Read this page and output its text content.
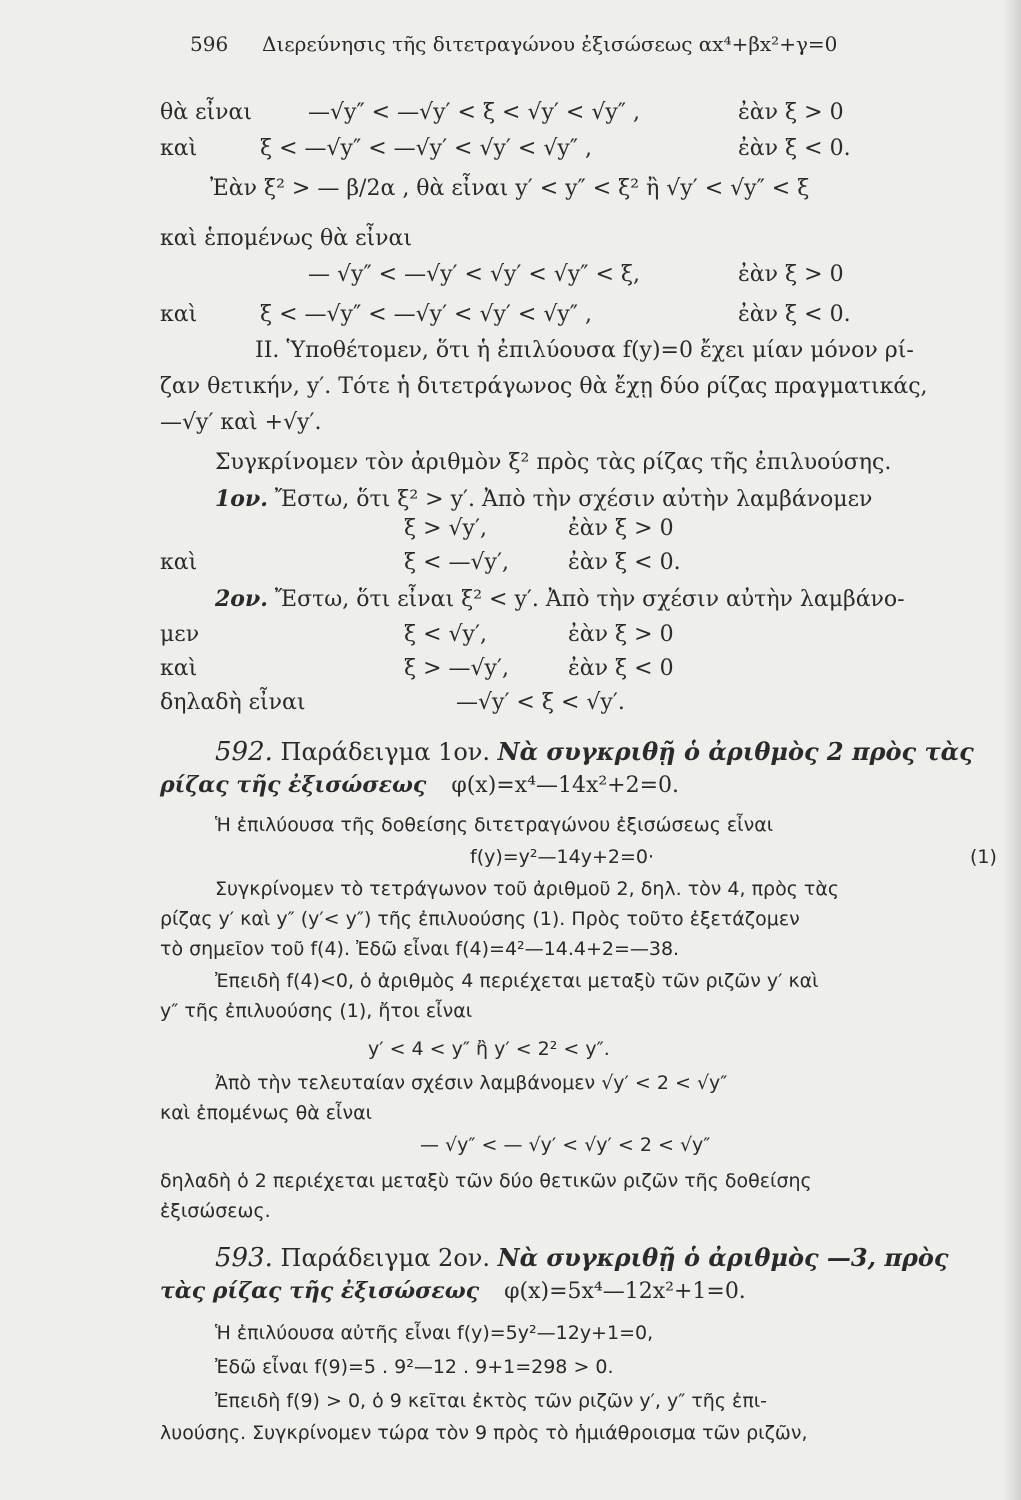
596 Διερεύνησις τῆς διτετραγώνου ἐξισώσεως αx⁴+βx²+γ=0
θὰ εἶναι	—√y″ < —√y′ < ξ < √y′ < √y″ ,	ἐὰν ξ > 0
καὶ	ξ < —√y″ < —√y′ < √y′ < √y″ ,	ἐὰν ξ < 0.
Ἐὰν ξ² > — β/2α , θὰ εἶναι y′ < y″ < ξ² ἢ √y′ < √y″ < ξ
καὶ ἑπομένως θὰ εἶναι
— √y″ < —√y′ < √y′ < √y″ < ξ,	ἐὰν ξ > 0
καὶ	ξ < —√y″ < —√y′ < √y′ < √y″ ,	ἐὰν ξ < 0.
II. Ὑποθέτομεν, ὅτι ἡ ἐπιλύουσα f(y)=0 ἔχει μίαν μόνον ρί-
ζαν θετικήν, y′. Τότε ἡ διτετράγωνος θὰ ἔχῃ δύο ρίζας πραγματικάς,
—√y′ καὶ +√y′.
Συγκρίνομεν τὸν ἀριθμὸν ξ² πρὸς τὰς ρίζας τῆς ἐπιλυούσης.
1ον. Ἔστω, ὅτι ξ² > y′. Ἀπὸ τὴν σχέσιν αὐτὴν λαμβάνομεν
ξ > √y′,	ἐὰν ξ > 0
καὶ	ξ < —√y′,	ἐὰν ξ < 0.
2ον. Ἔστω, ὅτι εἶναι ξ² < y′. Ἀπὸ τὴν σχέσιν αὐτὴν λαμβάνο-
μεν	ξ < √y′,	ἐὰν ξ > 0
καὶ	ξ > —√y′,	ἐὰν ξ < 0
δηλαδὴ εἶναι	—√y′ < ξ < √y′.
592. Παράδειγμα 1ον. Νὰ συγκριθῇ ὁ ἀριθμὸς 2 πρὸς τὰς
ρίζας τῆς ἐξισώσεως φ(x)=x⁴—14x²+2=0.
Ἡ ἐπιλύουσα τῆς δοθείσης διτετραγώνου ἐξισώσεως εἶναι
f(y)=y²—14y+2=0·	(1)
Συγκρίνομεν τὸ τετράγωνον τοῦ ἀριθμοῦ 2, δηλ. τὸν 4, πρὸς τὰς
ρίζας y′ καὶ y″ (y′< y″) τῆς ἐπιλυούσης (1). Πρὸς τοῦτο ἐξετάζομεν
τὸ σημεῖον τοῦ f(4). Ἐδῶ εἶναι f(4)=4²—14.4+2=—38.
Ἐπειδὴ f(4)<0, ὁ ἀριθμὸς 4 περιέχεται μεταξὺ τῶν ριζῶν y′ καὶ
y″ τῆς ἐπιλυούσης (1), ἤτοι εἶναι
y′ < 4 < y″ ἢ y′ < 2² < y″.
Ἀπὸ τὴν τελευταίαν σχέσιν λαμβάνομεν √y′ < 2 < √y″
καὶ ἑπομένως θὰ εἶναι
— √y″ < — √y′ < √y′ < 2 < √y″
δηλαδὴ ὁ 2 περιέχεται μεταξὺ τῶν δύο θετικῶν ριζῶν τῆς δοθείσης
ἐξισώσεως.
593. Παράδειγμα 2ον. Νὰ συγκριθῇ ὁ ἀριθμὸς —3, πρὸς
τὰς ρίζας τῆς ἐξισώσεως φ(x)=5x⁴—12x²+1=0.
Ἡ ἐπιλύουσα αὐτῆς εἶναι f(y)=5y²—12y+1=0,
Ἐδῶ εἶναι f(9)=5 . 9²—12 . 9+1=298 > 0.
Ἐπειδὴ f(9) > 0, ὁ 9 κεῖται ἐκτὸς τῶν ριζῶν y′, y″ τῆς ἐπι-
λυούσης. Συγκρίνομεν τώρα τὸν 9 πρὸς τὸ ἡμιάθροισμα τῶν ριζῶν,
